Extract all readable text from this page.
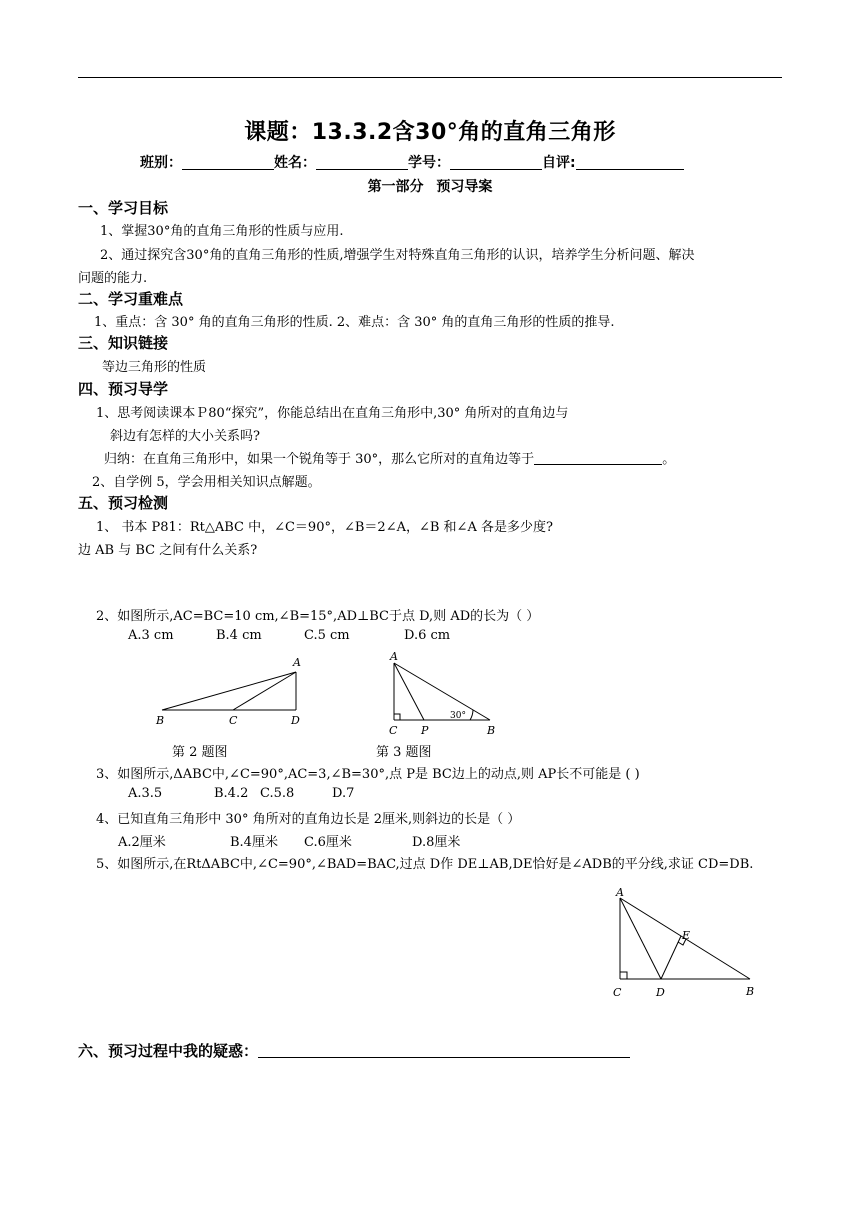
课题：13.3.2含30°角的直角三角形
班别：	姓名：	学号：	自评:
第一部分 预习导案
一、学习目标
1、掌握30°角的直角三角形的性质与应用.
2、通过探究含30°角的直角三角形的性质,增强学生对特殊直角三角形的认识，培养学生分析问题、解决
问题的能力.
二、学习重难点
1、重点：含 30° 角的直角三角形的性质. 2、难点：含 30° 角的直角三角形的性质的推导.
三、知识链接
等边三角形的性质
四、预习导学
1、思考阅读课本Ｐ80“探究”，你能总结出在直角三角形中,30° 角所对的直角边与
斜边有怎样的大小关系吗?
归纳：在直角三角形中，如果一个锐角等于 30°，那么它所对的直角边等于	。
2、自学例 5，学会用相关知识点解题。
五、预习检测
1、 书本 P81：Rt△ABC 中，∠C＝90°，∠B＝2∠A，∠B 和∠A 各是多少度?
边 AB 与 BC 之间有什么关系?
2、如图所示,AC=BC=10 cm,∠B=15°,AD⊥BC于点 D,则 AD的长为（ ）
A.3 cm	B.4 cm	C.5 cm	D.6 cm
A
B	C	D
A
C P	B
30°
第 2 题图	第 3 题图
3、如图所示,ΔABC中,∠C=90°,AC=3,∠B=30°,点 P是 BC边上的动点,则 AP长不可能是 ( )
A.3.5	B.4.2 C.5.8	D.7
4、已知直角三角形中 30° 角所对的直角边长是 2厘米,则斜边的长是（ ）
A.2厘米	B.4厘米 C.6厘米	D.8厘米
5、如图所示,在RtΔABC中,∠C=90°,∠BAD=BAC,过点 D作 DE⊥AB,DE恰好是∠ADB的平分线,求证 CD=DB.
A
E
C	D	B
六、预习过程中我的疑惑：
